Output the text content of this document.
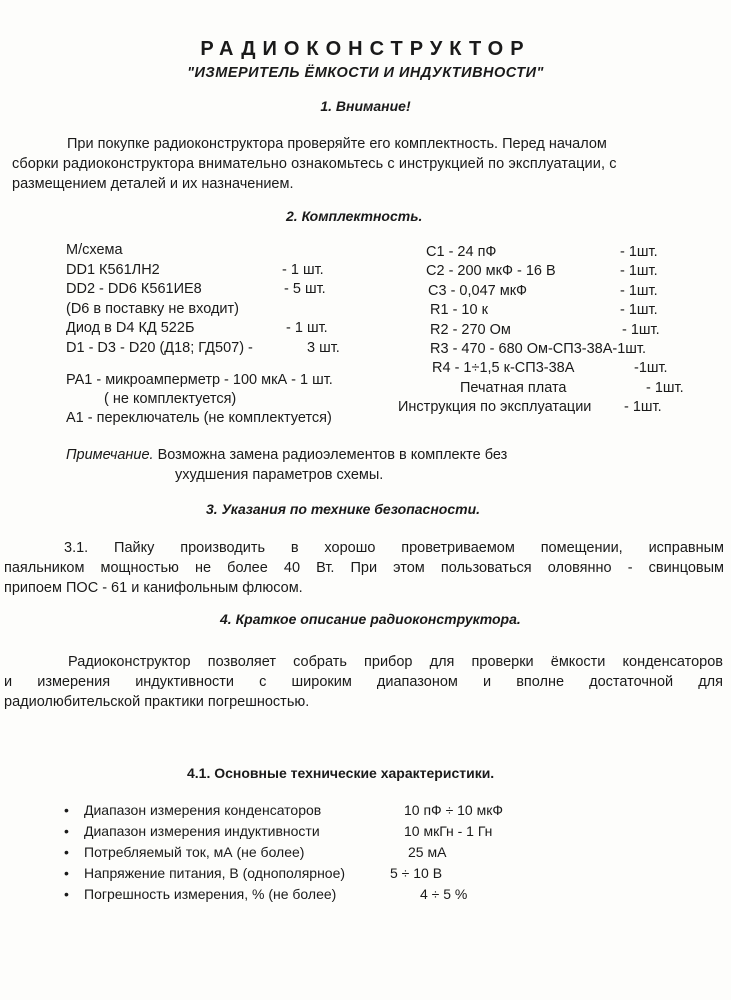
РАДИОКОНСТРУКТОР
"ИЗМЕРИТЕЛЬ ЁМКОСТИ И ИНДУКТИВНОСТИ"
1. Внимание!
При покупке радиоконструктора проверяйте его комплектность. Перед началом
сборки радиоконструктора внимательно ознакомьтесь с инструкцией по эксплуатации, с
размещением деталей и их назначением.
2. Комплектность.
М/схема
DD1 К561ЛН2	- 1 шт.
DD2 - DD6 К561ИЕ8	- 5 шт.
(D6 в поставку не входит)
Диод в D4 КД 522Б	- 1 шт.
D1 - D3 - D20 (Д18; ГД507) -	3 шт.
PA1 - микроамперметр - 100 мкА - 1 шт.
( не комплектуется)
A1 - переключатель (не комплектуется)
C1 - 24 пФ	- 1шт.
C2 - 200 мкФ - 16 В	- 1шт.
C3 - 0,047 мкФ	- 1шт.
R1 - 10 к	- 1шт.
R2 - 270 Ом	- 1шт.
R3 - 470 - 680 Ом-СП3-38А-1шт.
R4 - 1÷1,5 к-СП3-38А	-1шт.
Печатная плата	- 1шт.
Инструкция по эксплуатации - 1шт.
Примечание. Возможна замена радиоэлементов в комплекте без
ухудшения параметров схемы.
3. Указания по технике безопасности.
3.1. Пайку производить в хорошо проветриваемом помещении, исправным
паяльником мощностью не более 40 Вт. При этом пользоваться оловянно - свинцовым
припоем ПОС - 61 и канифольным флюсом.
4. Краткое описание радиоконструктора.
Радиоконструктор позволяет собрать прибор для проверки ёмкости конденсаторов
и измерения индуктивности с широким диапазоном и вполне достаточной для
радиолюбительской практики погрешностью.
4.1. Основные технические характеристики.
• Диапазон измерения конденсаторов	10 пФ ÷ 10 мкФ
• Диапазон измерения индуктивности	10 мкГн - 1 Гн
• Потребляемый ток, мА (не более)	25 мА
• Напряжение питания, В (однополярное)	5 ÷ 10 В
• Погрешность измерения, % (не более)	4 ÷ 5 %
